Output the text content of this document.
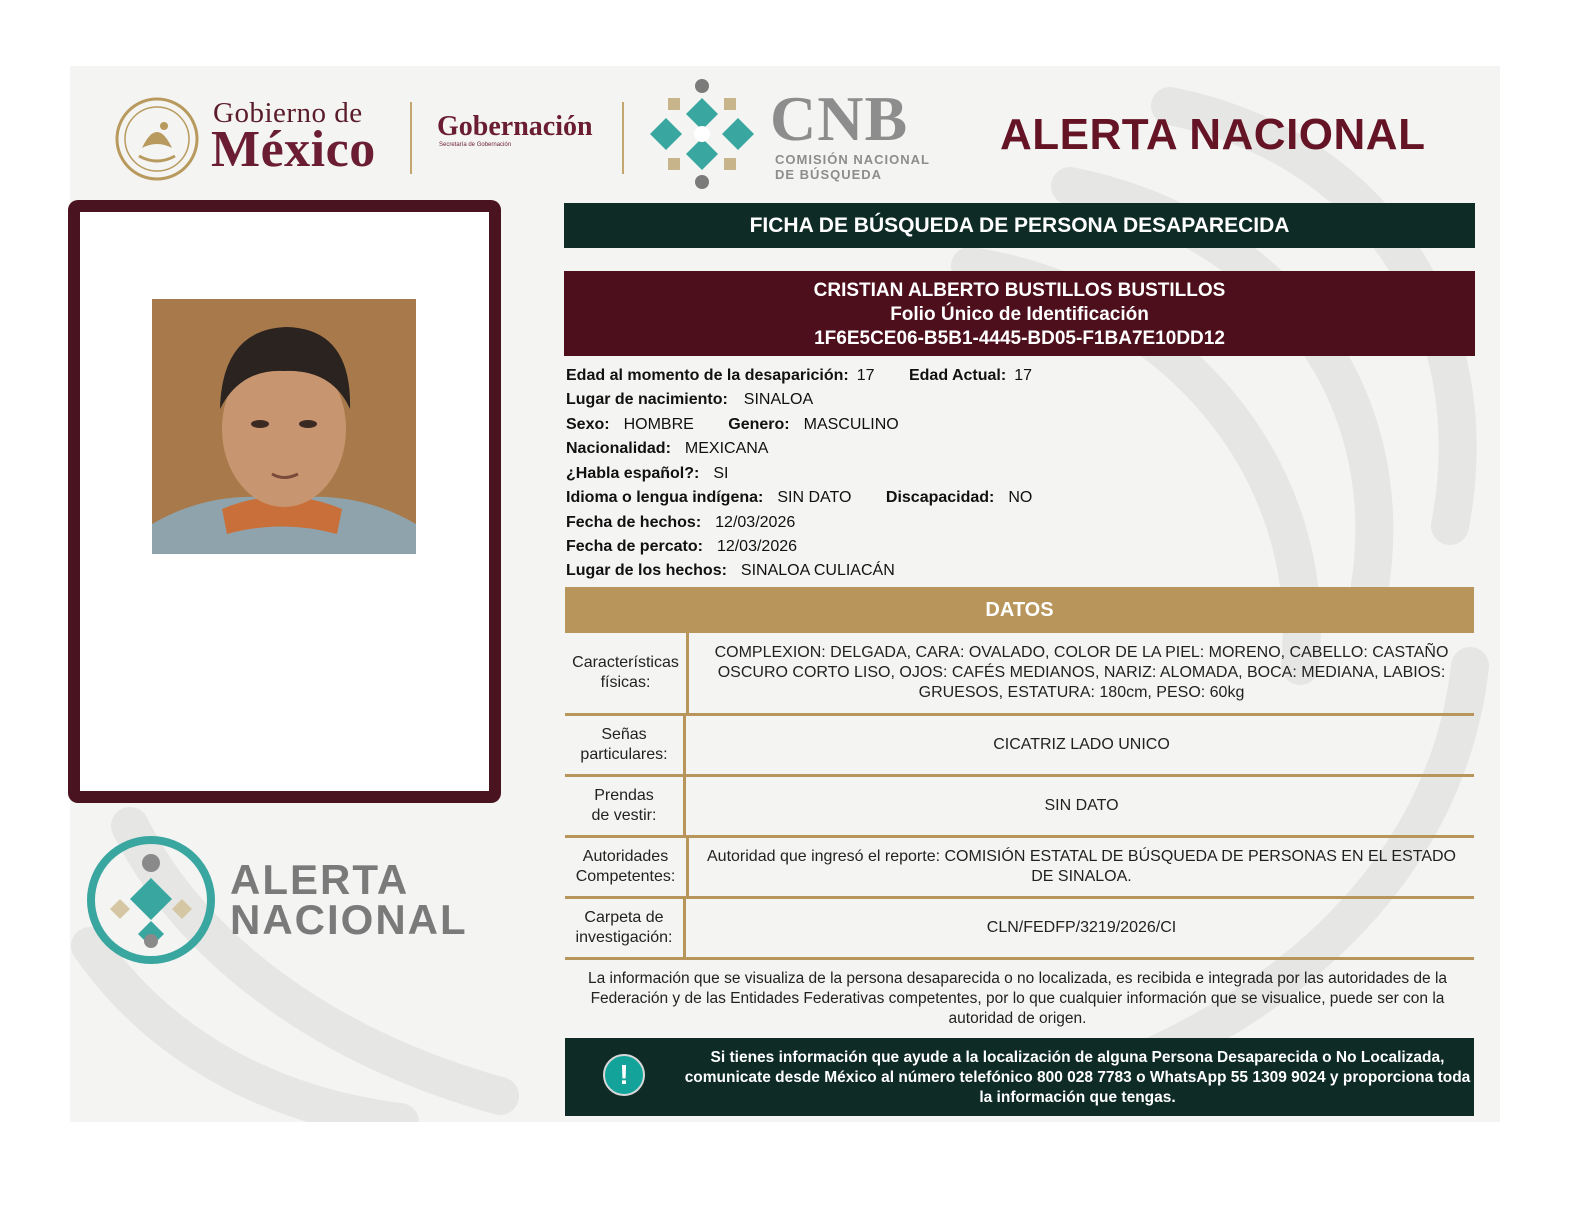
Gobierno de
México Gobernación
Secretaría de Gobernación	CNB
COMISIÓN NACIONAL
DE BÚSQUEDA
ALERTA NACIONAL
ALERTA
NACIONAL
FICHA DE BÚSQUEDA DE PERSONA DESAPARECIDA
CRISTIAN ALBERTO BUSTILLOS BUSTILLOS
Folio Único de Identificación
1F6E5CE06-B5B1-4445-BD05-F1BA7E10DD12
Edad al momento de la desaparición: 17 Edad Actual: 17
Lugar de nacimiento: SINALOA
Sexo: HOMBRE Genero: MASCULINO
Nacionalidad: MEXICANA
¿Habla español?: SI
Idioma o lengua indígena: SIN DATO Discapacidad: NO
Fecha de hechos: 12/03/2026
Fecha de percato: 12/03/2026
Lugar de los hechos: SINALOA CULIACÁN
DATOS
Características físicas:
COMPLEXION: DELGADA, CARA: OVALADO, COLOR DE LA PIEL: MORENO, CABELLO: CASTAÑO OSCURO CORTO LISO, OJOS: CAFÉS MEDIANOS, NARIZ: ALOMADA, BOCA: MEDIANA, LABIOS: GRUESOS, ESTATURA: 180cm, PESO: 60kg
Señas particulares:
CICATRIZ LADO UNICO
Prendas de vestir:
SIN DATO
Autoridades Competentes:
Autoridad que ingresó el reporte: COMISIÓN ESTATAL DE BÚSQUEDA DE PERSONAS EN EL ESTADO DE SINALOA.
Carpeta de investigación:
CLN/FEDFP/3219/2026/CI
La información que se visualiza de la persona desaparecida o no localizada, es recibida e integrada por las autoridades de la Federación y de las Entidades Federativas competentes, por lo que cualquier información que se visualice, puede ser con la autoridad de origen.
!
Si tienes información que ayude a la localización de alguna Persona Desaparecida o No Localizada, comunicate desde México al número telefónico 800 028 7783 o WhatsApp 55 1309 9024 y proporciona toda la información que tengas.
